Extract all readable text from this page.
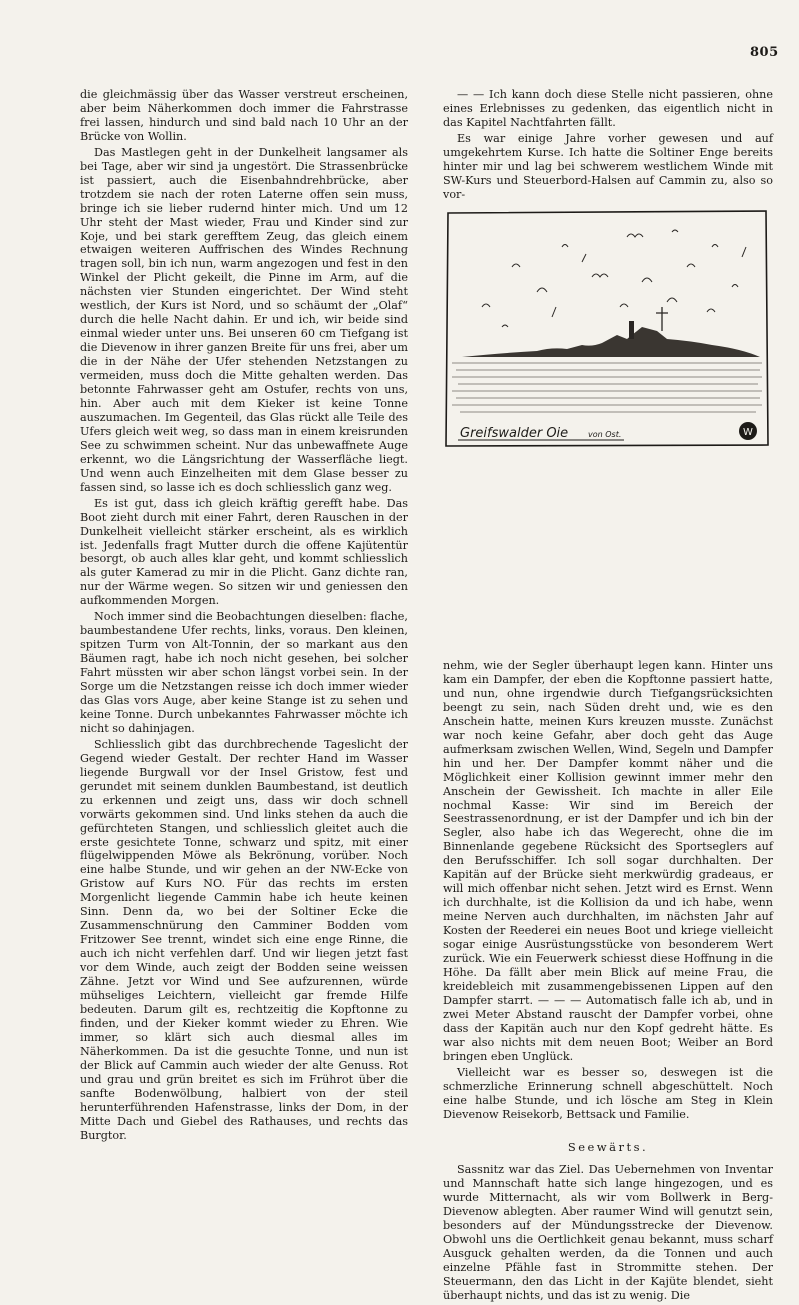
805

die gleichmässig über das Wasser verstreut erscheinen, aber beim Näherkommen doch immer die Fahrstrasse frei lassen, hindurch und sind bald nach 10 Uhr an der Brücke von Wollin.

Das Mastlegen geht in der Dunkelheit langsamer als bei Tage, aber wir sind ja ungestört. Die Strassenbrücke ist passiert, auch die Eisenbahndrehbrücke, aber trotzdem sie nach der roten Laterne offen sein muss, bringe ich sie lieber rudernd hinter mich. Und um 12 Uhr steht der Mast wieder, Frau und Kinder sind zur Koje, und bei stark gerefftem Zeug, das gleich einem etwaigen weiteren Auffrischen des Windes Rechnung tragen soll, bin ich nun, warm angezogen und fest in den Winkel der Plicht gekeilt, die Pinne im Arm, auf die nächsten vier Stunden eingerichtet. Der Wind steht westlich, der Kurs ist Nord, und so schäumt der „Olaf“ durch die helle Nacht dahin. Er und ich, wir beide sind einmal wieder unter uns. Bei unseren 60 cm Tiefgang ist die Dievenow in ihrer ganzen Breite für uns frei, aber um die in der Nähe der Ufer stehenden Netzstangen zu vermeiden, muss doch die Mitte gehalten werden. Das betonnte Fahrwasser geht am Ostufer, rechts von uns, hin. Aber auch mit dem Kieker ist keine Tonne auszumachen. Im Gegenteil, das Glas rückt alle Teile des Ufers gleich weit weg, so dass man in einem kreisrunden See zu schwimmen scheint. Nur das unbewaffnete Auge erkennt, wo die Längsrichtung der Wasserfläche liegt. Und wenn auch Einzelheiten mit dem Glase besser zu fassen sind, so lasse ich es doch schliesslich ganz weg.

Es ist gut, dass ich gleich kräftig gerefft habe. Das Boot zieht durch mit einer Fahrt, deren Rauschen in der Dunkelheit vielleicht stärker erscheint, als es wirklich ist. Jedenfalls fragt Mutter durch die offene Kajütentür besorgt, ob auch alles klar geht, und kommt schliesslich als guter Kamerad zu mir in die Plicht. Ganz dichte ran, nur der Wärme wegen. So sitzen wir und geniessen den aufkommenden Morgen.

Noch immer sind die Beobachtungen dieselben: flache, baumbestandene Ufer rechts, links, voraus. Den kleinen, spitzen Turm von Alt-Tonnin, der so markant aus den Bäumen ragt, habe ich noch nicht gesehen, bei solcher Fahrt müssten wir aber schon längst vorbei sein. In der Sorge um die Netzstangen reisse ich doch immer wieder das Glas vors Auge, aber keine Stange ist zu sehen und keine Tonne. Durch unbekanntes Fahrwasser möchte ich nicht so dahinjagen.

Schliesslich gibt das durchbrechende Tageslicht der Gegend wieder Gestalt. Der rechter Hand im Wasser liegende Burgwall vor der Insel Gristow, fest und gerundet mit seinem dunklen Baumbestand, ist deutlich zu erkennen und zeigt uns, dass wir doch schnell vorwärts gekommen sind. Und links stehen da auch die gefürchteten Stangen, und schliesslich gleitet auch die erste gesichtete Tonne, schwarz und spitz, mit einer flügelwippenden Möwe als Bekrönung, vorüber. Noch eine halbe Stunde, und wir gehen an der NW-Ecke von Gristow auf Kurs NO. Für das rechts im ersten Morgenlicht liegende Cammin habe ich heute keinen Sinn. Denn da, wo bei der Soltiner Ecke die Zusammenschnürung den Camminer Bodden vom Fritzower See trennt, windet sich eine enge Rinne, die auch ich nicht verfehlen darf. Und wir liegen jetzt fast vor dem Winde, auch zeigt der Bodden seine weissen Zähne. Jetzt vor Wind und See aufzurennen, würde mühseliges Leichtern, vielleicht gar fremde Hilfe bedeuten. Darum gilt es, rechtzeitig die Kopftonne zu finden, und der Kieker kommt wieder zu Ehren. Wie immer, so klärt sich auch diesmal alles im Näherkommen. Da ist die gesuchte Tonne, und nun ist der Blick auf Cammin auch wieder der alte Genuss. Rot und grau und grün breitet es sich im Frührot über die sanfte Bodenwölbung, halbiert von der steil herunterführenden Hafenstrasse, links der Dom, in der Mitte Dach und Giebel des Rathauses, und rechts das Burgtor.

— — Ich kann doch diese Stelle nicht passieren, ohne eines Erlebnisses zu gedenken, das eigentlich nicht in das Kapitel Nachtfahrten fällt.

Es war einige Jahre vorher gewesen und auf umgekehrtem Kurse. Ich hatte die Soltiner Enge bereits hinter mir und lag bei schwerem westlichem Winde mit SW-Kurs und Steuerbord-Halsen auf Cammin zu, also so vor-

Greifswalder Oie von Ost.	W

nehm, wie der Segler überhaupt legen kann. Hinter uns kam ein Dampfer, der eben die Kopftonne passiert hatte, und nun, ohne irgendwie durch Tiefgangsrücksichten beengt zu sein, nach Süden dreht und, wie es den Anschein hatte, meinen Kurs kreuzen musste. Zunächst war noch keine Gefahr, aber doch geht das Auge aufmerksam zwischen Wellen, Wind, Segeln und Dampfer hin und her. Der Dampfer kommt näher und die Möglichkeit einer Kollision gewinnt immer mehr den Anschein der Gewissheit. Ich machte in aller Eile nochmal Kasse: Wir sind im Bereich der Seestrassenordnung, er ist der Dampfer und ich bin der Segler, also habe ich das Wegerecht, ohne die im Binnenlande gegebene Rücksicht des Sportseglers auf den Berufsschiffer. Ich soll sogar durchhalten. Der Kapitän auf der Brücke sieht merkwürdig gradeaus, er will mich offenbar nicht sehen. Jetzt wird es Ernst. Wenn ich durchhalte, ist die Kollision da und ich habe, wenn meine Nerven auch durchhalten, im nächsten Jahr auf Kosten der Reederei ein neues Boot und kriege vielleicht sogar einige Ausrüstungsstücke von besonderem Wert zurück. Wie ein Feuerwerk schiesst diese Hoffnung in die Höhe. Da fällt aber mein Blick auf meine Frau, die kreidebleich mit zusammengebissenen Lippen auf den Dampfer starrt. — — — Automatisch falle ich ab, und in zwei Meter Abstand rauscht der Dampfer vorbei, ohne dass der Kapitän auch nur den Kopf gedreht hätte. Es war also nichts mit dem neuen Boot; Weiber an Bord bringen eben Unglück.

Vielleicht war es besser so, deswegen ist die schmerzliche Erinnerung schnell abgeschüttelt. Noch eine halbe Stunde, und ich lösche am Steg in Klein Dievenow Reisekorb, Bettsack und Familie.

Seewärts.

Sassnitz war das Ziel. Das Uebernehmen von Inventar und Mannschaft hatte sich lange hingezogen, und es wurde Mitternacht, als wir vom Bollwerk in Berg-Dievenow ablegten. Aber raumer Wind will genutzt sein, besonders auf der Mündungsstrecke der Dievenow. Obwohl uns die Oertlichkeit genau bekannt, muss scharf Ausguck gehalten werden, da die Tonnen und auch einzelne Pfähle fast in Strommitte stehen. Der Steuermann, den das Licht in der Kajüte blendet, sieht überhaupt nichts, und das ist zu wenig. Die
